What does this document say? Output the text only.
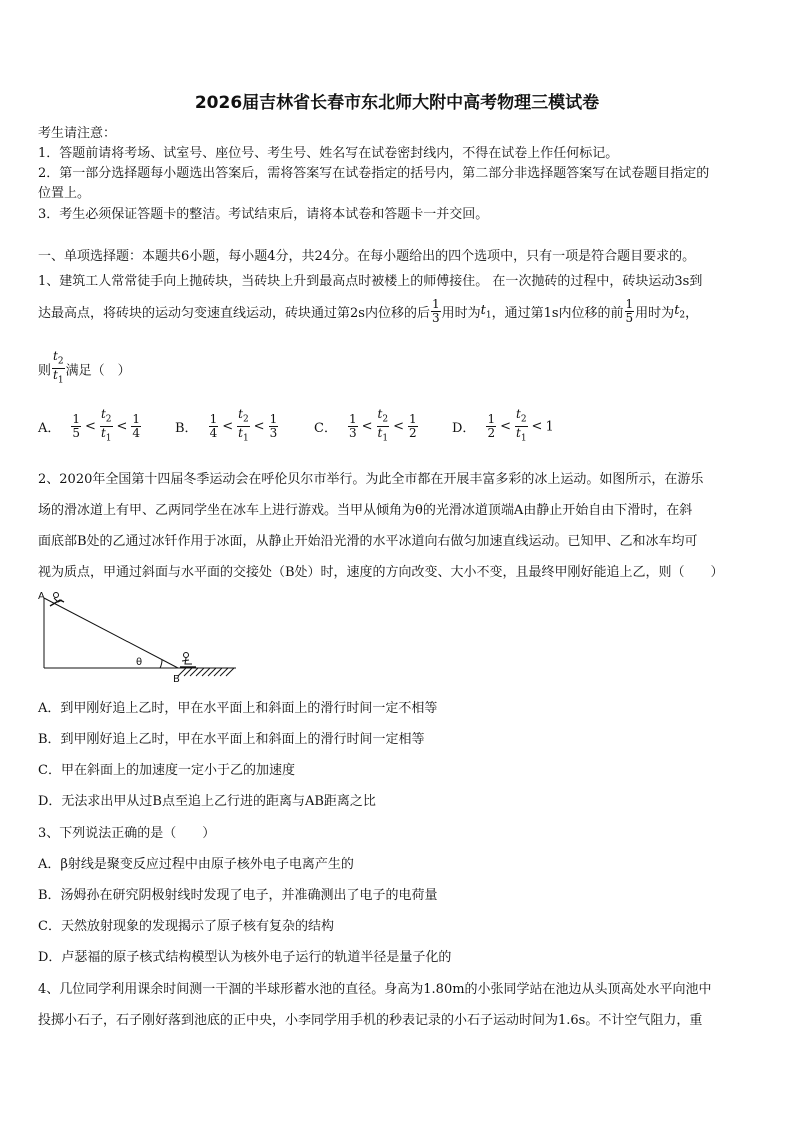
2026届吉林省长春市东北师大附中高考物理三模试卷
考生请注意：
1．答题前请将考场、试室号、座位号、考生号、姓名写在试卷密封线内，不得在试卷上作任何标记。
2．第一部分选择题每小题选出答案后，需将答案写在试卷指定的括号内，第二部分非选择题答案写在试卷题目指定的
位置上。
3．考生必须保证答题卡的整洁。考试结束后，请将本试卷和答题卡一并交回。
一、单项选择题：本题共6小题，每小题4分，共24分。在每小题给出的四个选项中，只有一项是符合题目要求的。
1、建筑工人常常徒手向上抛砖块，当砖块上升到最高点时被楼上的师傅接住。 在一次抛砖的过程中，砖块运动3s到
达最高点，将砖块的运动匀变速直线运动，砖块通过第2s内位移的后 $\frac{1}{3}$ 用时为$t_1$，通过第1s内位移的前 $\frac{1}{5}$ 用时为$t_2$，
则 $\frac{t_2}{t_1}$ 满足（　）
A． $\frac{1}{5} < \frac{t_2}{t_1} < \frac{1}{4}$	B． $\frac{1}{4} < \frac{t_2}{t_1} < \frac{1}{3}$	C． $\frac{1}{3} < \frac{t_2}{t_1} < \frac{1}{2}$	D． $\frac{1}{2} < \frac{t_2}{t_1} < 1$
2、2020年全国第十四届冬季运动会在呼伦贝尔市举行。为此全市都在开展丰富多彩的冰上运动。如图所示，在游乐
场的滑冰道上有甲、乙两同学坐在冰车上进行游戏。当甲从倾角为θ的光滑冰道顶端A由静止开始自由下滑时，在斜
面底部B处的乙通过冰钎作用于冰面，从静止开始沿光滑的水平冰道向右做匀加速直线运动。已知甲、乙和冰车均可
视为质点，甲通过斜面与水平面的交接处（B处）时，速度的方向改变、大小不变，且最终甲刚好能追上乙，则（　　）
θ
A
B
A．到甲刚好追上乙时，甲在水平面上和斜面上的滑行时间一定不相等
B．到甲刚好追上乙时，甲在水平面上和斜面上的滑行时间一定相等
C．甲在斜面上的加速度一定小于乙的加速度
D．无法求出甲从过B点至追上乙行进的距离与AB距离之比
3、下列说法正确的是（　　）
A．β射线是聚变反应过程中由原子核外电子电离产生的
B．汤姆孙在研究阴极射线时发现了电子，并准确测出了电子的电荷量
C．天然放射现象的发现揭示了原子核有复杂的结构
D．卢瑟福的原子核式结构模型认为核外电子运行的轨道半径是量子化的
4、几位同学利用课余时间测一干涸的半球形蓄水池的直径。身高为1.80m的小张同学站在池边从头顶高处水平向池中
投掷小石子，石子刚好落到池底的正中央，小李同学用手机的秒表记录的小石子运动时间为1.6s。不计空气阻力，重
